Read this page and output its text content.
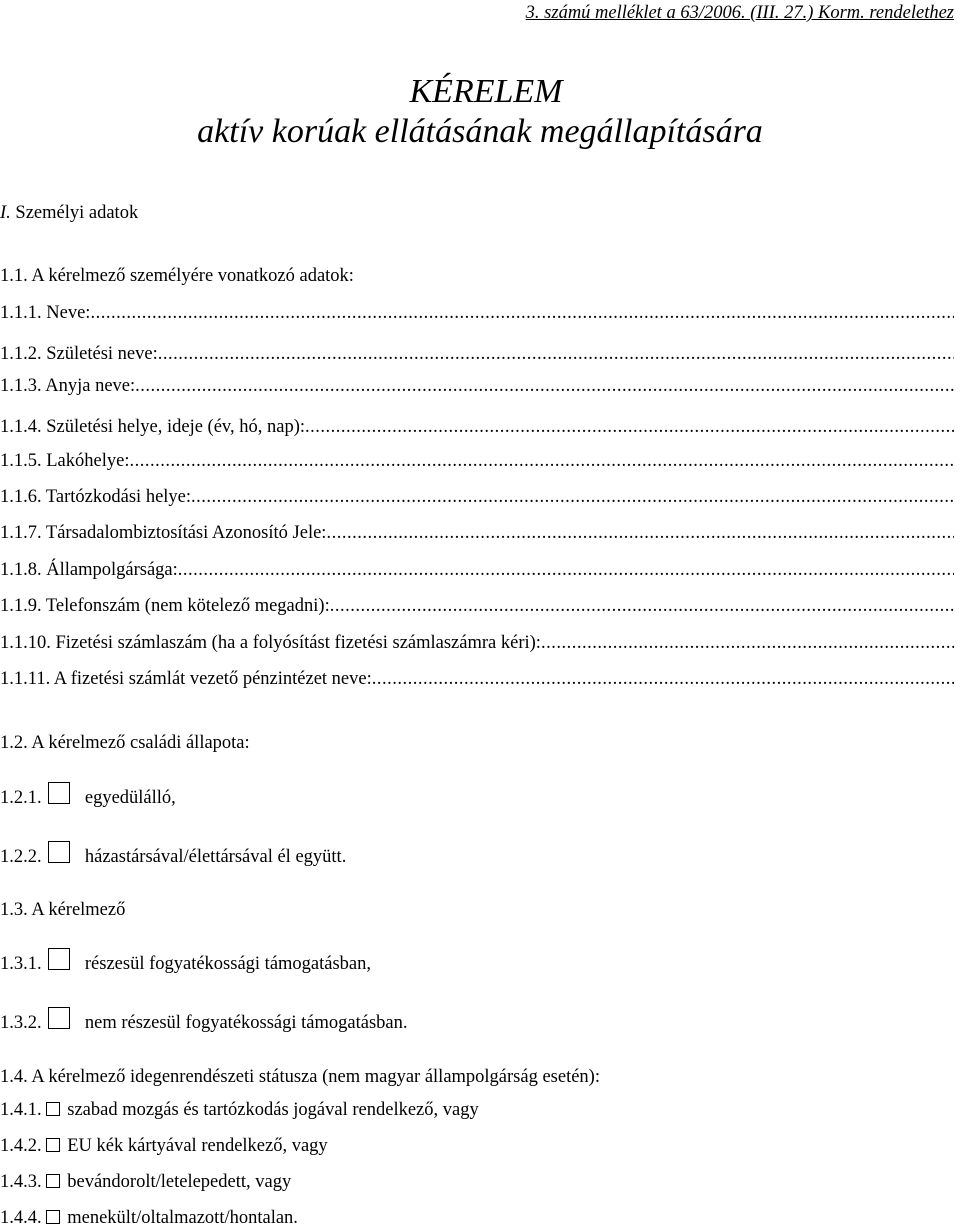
3. számú melléklet a 63/2006. (III. 27.) Korm. rendelethez
KÉRELEM
aktív korúak ellátásának megállapítására
I. Személyi adatok
1.1. A kérelmező személyére vonatkozó adatok:
1.1.1. Neve:
.....
1.1.2. Születési neve:
.....
1.1.3. Anyja neve:
.....
1.1.4. Születési helye, ideje (év, hó, nap):
.....
1.1.5. Lakóhelye:
.....
1.1.6. Tartózkodási helye:
.....
1.1.7. Társadalombiztosítási Azonosító Jele:
.....
1.1.8. Állampolgársága:
.....
1.1.9. Telefonszám (nem kötelező megadni):
.....
1.1.10. Fizetési számlaszám (ha a folyósítást fizetési számlaszámra kéri):
.....
1.1.11. A fizetési számlát vezető pénzintézet neve:
.....
1.2. A kérelmező családi állapota:
1.2.1. egyedülálló,
1.2.2. házastársával/élettársával él együtt.
1.3. A kérelmező
1.3.1. részesül fogyatékossági támogatásban,
1.3.2. nem részesül fogyatékossági támogatásban.
1.4. A kérelmező idegenrendészeti státusza (nem magyar állampolgárság esetén):
1.4.1. szabad mozgás és tartózkodás jogával rendelkező, vagy
1.4.2. EU kék kártyával rendelkező, vagy
1.4.3. bevándorolt/letelepedett, vagy
1.4.4. menekült/oltalmazott/hontalan.
